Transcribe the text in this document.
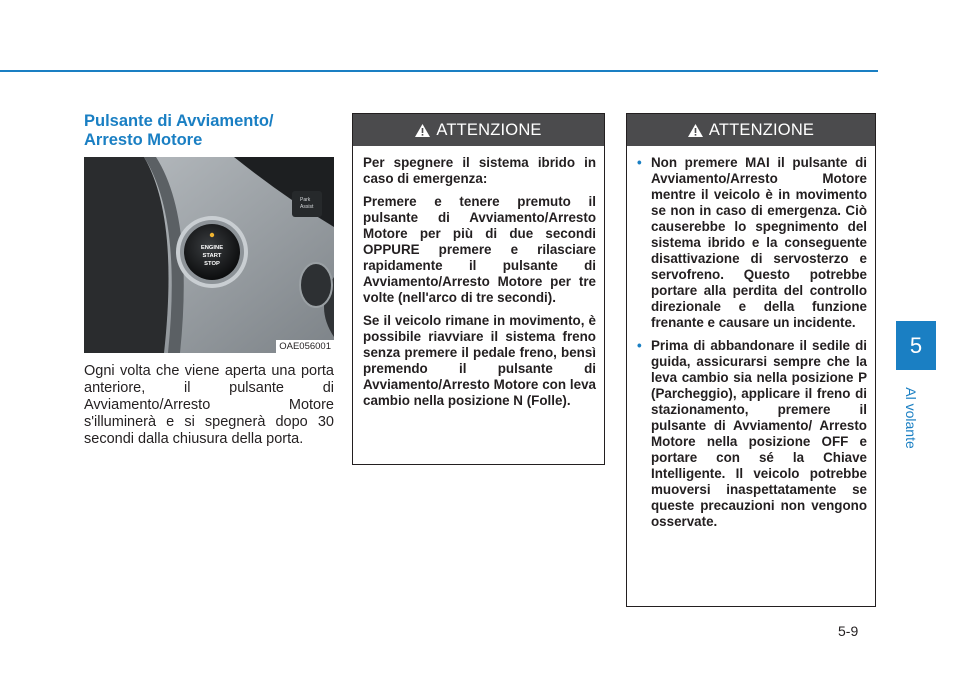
Pulsante di Avviamento/ Arresto Motore
ENGINE
START
STOP
Park
Assist
OAE056001

Ogni volta che viene aperta una porta anteriore, il pulsante di Avviamento/Arresto Motore s'illuminerà e si spegnerà dopo 30 secondi dalla chiusura della porta.

ATTENZIONE

Per spegnere il sistema ibrido in caso di emergenza:

Premere e tenere premuto il pulsante di Avviamento/Arresto Motore per più di due secondi OPPURE premere e rilasciare rapidamente il pulsante di Avviamento/Arresto Motore per tre volte (nell'arco di tre secondi).

Se il veicolo rimane in movimento, è possibile riavviare il sistema freno senza premere il pedale freno, bensì premendo il pulsante di Avviamento/Arresto Motore con leva cambio nella posizione N (Folle).

ATTENZIONE
• Non premere MAI il pulsante di Avviamento/Arresto Motore mentre il veicolo è in movimento se non in caso di emergenza. Ciò causerebbe lo spegnimento del sistema ibrido e la conseguente disattivazione di servosterzo e servofreno. Questo potrebbe portare alla perdita del controllo direzionale e della funzione frenante e causare un incidente.
• Prima di abbandonare il sedile di guida, assicurarsi sempre che la leva cambio sia nella posizione P (Parcheggio), applicare il freno di stazionamento, premere il pulsante di Avviamento/ Arresto Motore nella posizione OFF e portare con sé la Chiave Intelligente. Il veicolo potrebbe muoversi inaspettatamente se queste precauzioni non vengono osservate.
5
Al volante
5-9
